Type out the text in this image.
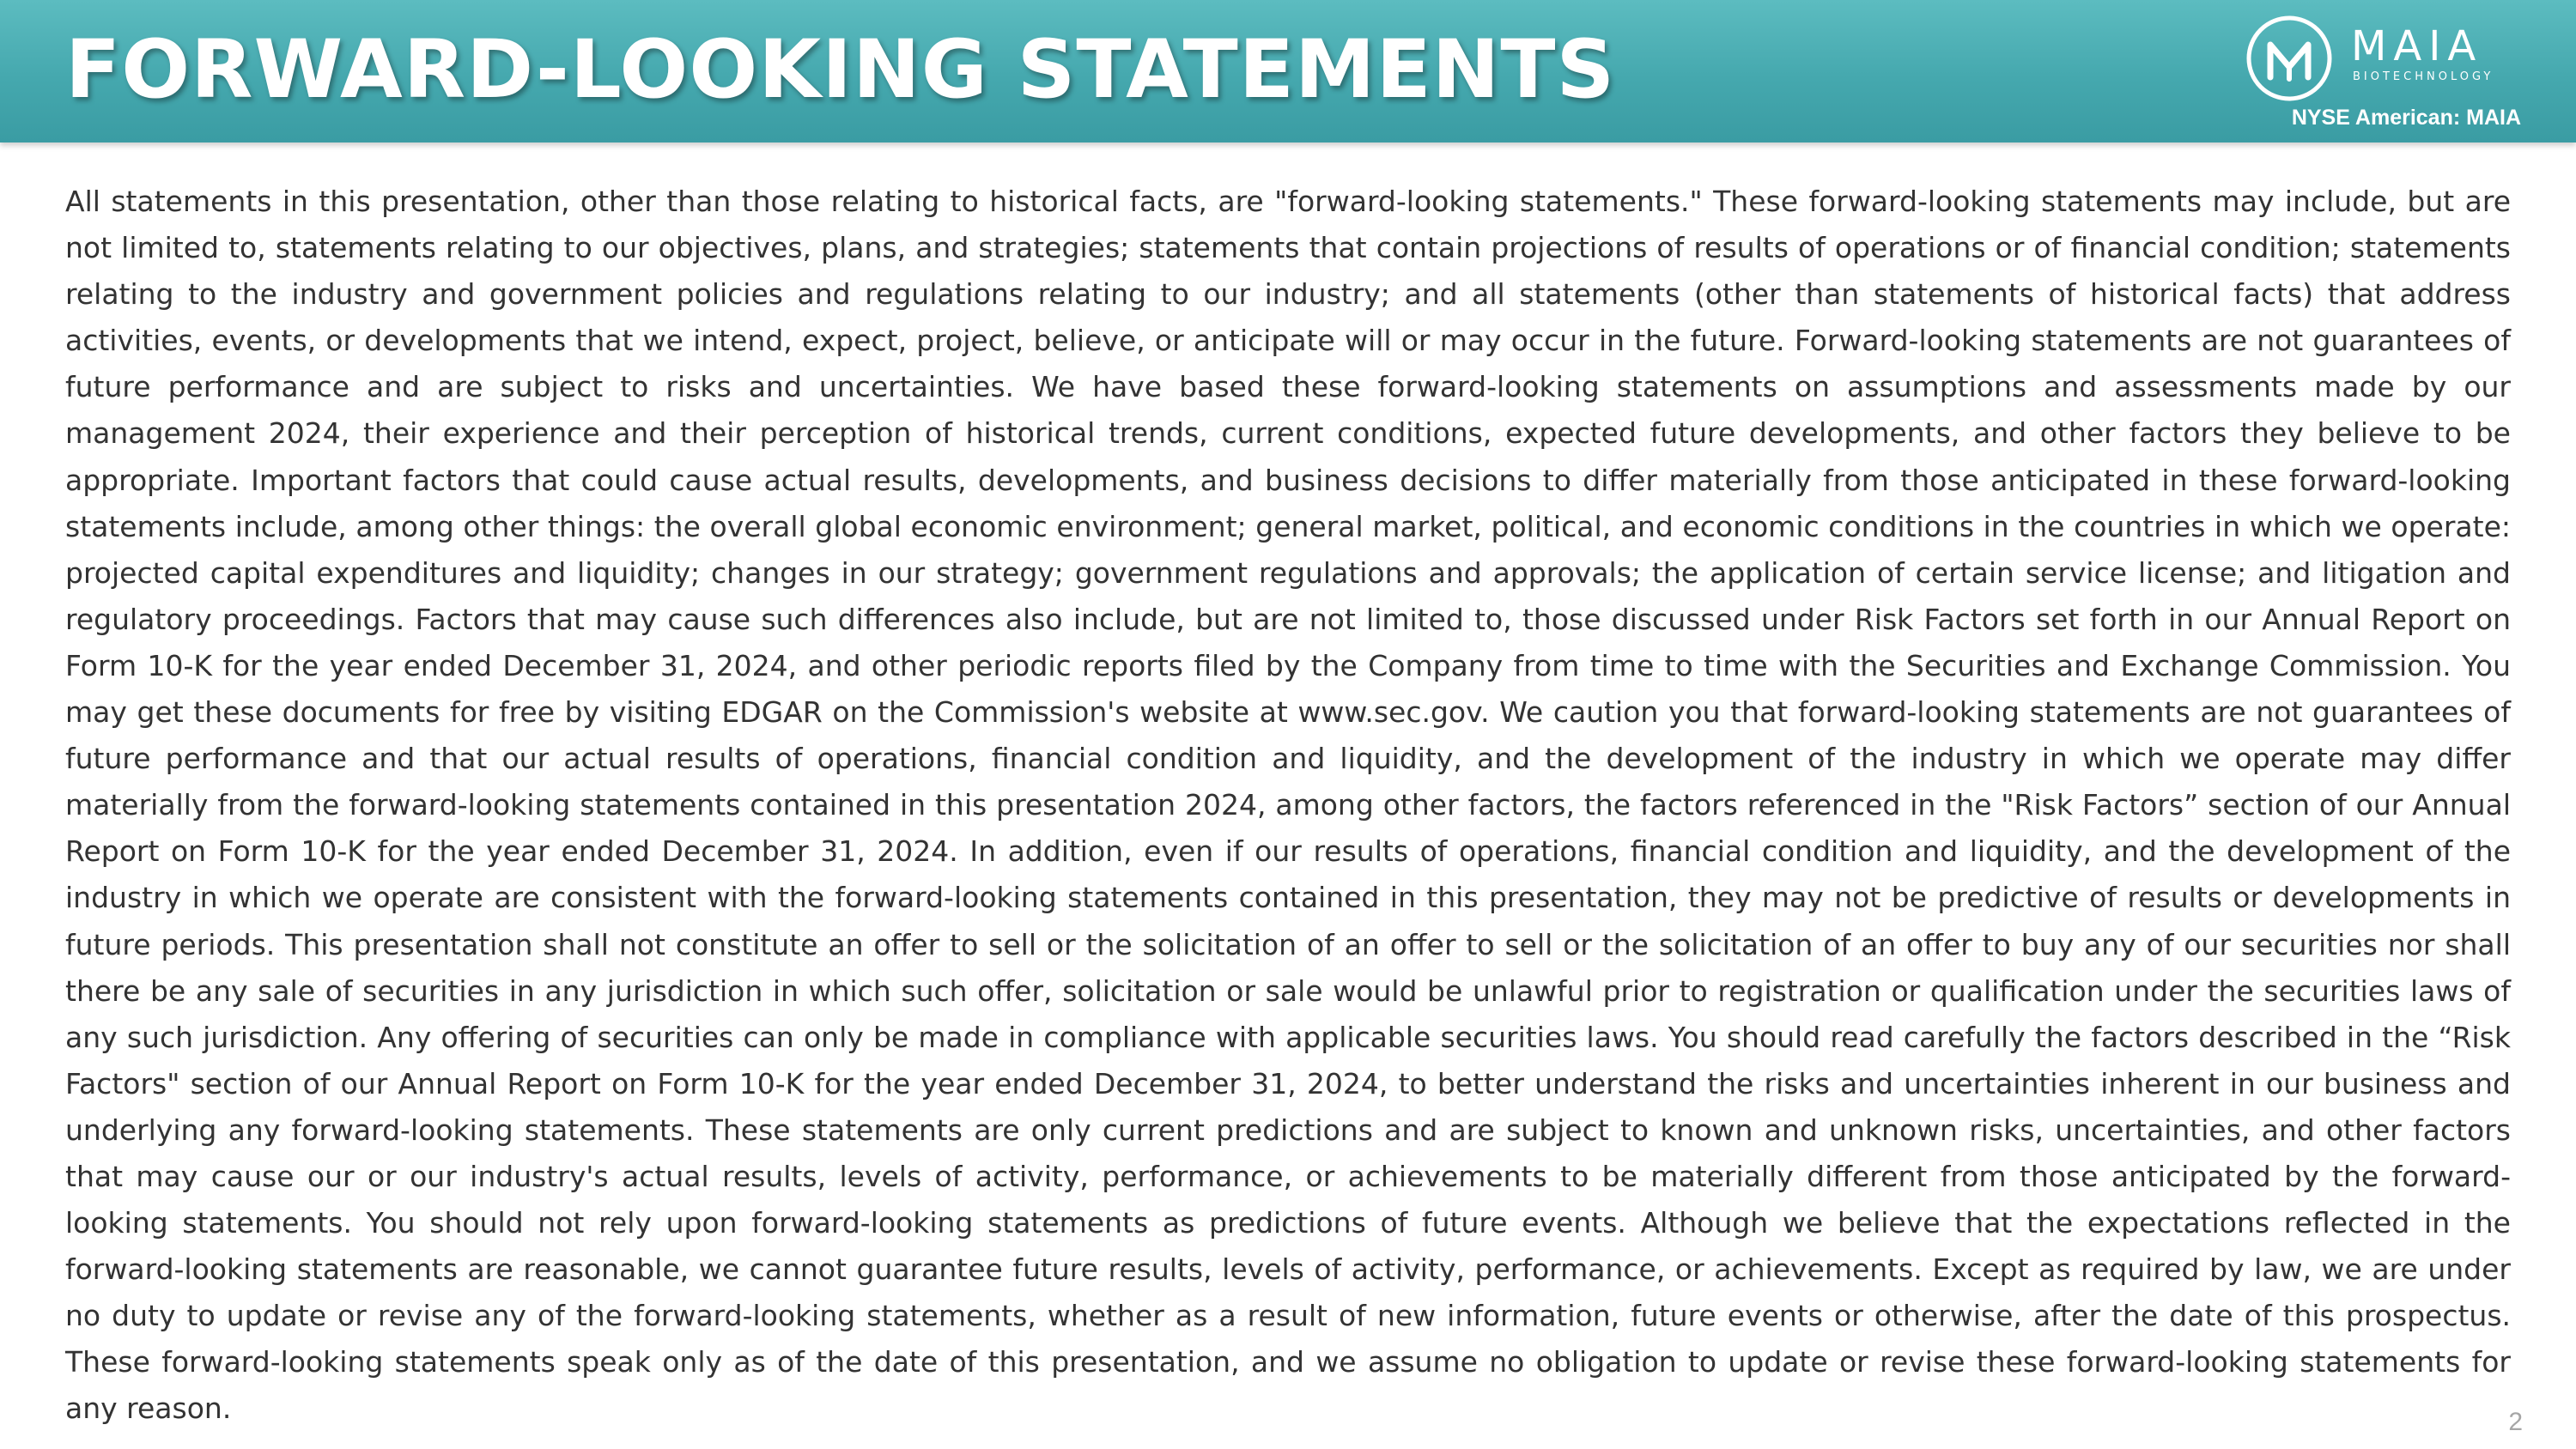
FORWARD-LOOKING STATEMENTS	MAIA
BIOTECHNOLOGY
NYSE American: MAIA

All statements in this presentation, other than those relating to historical facts, are "forward-looking statements." These forward-looking statements may include, but are not limited to, statements relating to our objectives, plans, and strategies; statements that contain projections of results of operations or of financial condition; statements relating to the industry and government policies and regulations relating to our industry; and all statements (other than statements of historical facts) that address activities, events, or developments that we intend, expect, project, believe, or anticipate will or may occur in the future. Forward-looking statements are not guarantees of future performance and are subject to risks and uncertainties. We have based these forward-looking statements on assumptions and assessments made by our management 2024, their experience and their perception of historical trends, current conditions, expected future developments, and other factors they believe to be appropriate. Important factors that could cause actual results, developments, and business decisions to differ materially from those anticipated in these forward-looking statements include, among other things: the overall global economic environment; general market, political, and economic conditions in the countries in which we operate: projected capital expenditures and liquidity; changes in our strategy; government regulations and approvals; the application of certain service license; and litigation and regulatory proceedings. Factors that may cause such differences also include, but are not limited to, those discussed under Risk Factors set forth in our Annual Report on Form 10-K for the year ended December 31, 2024, and other periodic reports filed by the Company from time to time with the Securities and Exchange Commission. You may get these documents for free by visiting EDGAR on the Commission's website at www.sec.gov. We caution you that forward-looking statements are not guarantees of future performance and that our actual results of operations, financial condition and liquidity, and the development of the industry in which we operate may differ materially from the forward-looking statements contained in this presentation 2024, among other factors, the factors referenced in the "Risk Factors” section of our Annual Report on Form 10-K for the year ended December 31, 2024. In addition, even if our results of operations, financial condition and liquidity, and the development of the industry in which we operate are consistent with the forward-looking statements contained in this presentation, they may not be predictive of results or developments in future periods. This presentation shall not constitute an offer to sell or the solicitation of an offer to sell or the solicitation of an offer to buy any of our securities nor shall there be any sale of securities in any jurisdiction in which such offer, solicitation or sale would be unlawful prior to registration or qualification under the securities laws of any such jurisdiction. Any offering of securities can only be made in compliance with applicable securities laws. You should read carefully the factors described in the “Risk Factors" section of our Annual Report on Form 10-K for the year ended December 31, 2024, to better understand the risks and uncertainties inherent in our business and underlying any forward-looking statements. These statements are only current predictions and are subject to known and unknown risks, uncertainties, and other factors that may cause our or our industry's actual results, levels of activity, performance, or achievements to be materially different from those anticipated by the forward-looking statements. You should not rely upon forward-looking statements as predictions of future events. Although we believe that the expectations reflected in the forward-looking statements are reasonable, we cannot guarantee future results, levels of activity, performance, or achievements. Except as required by law, we are under no duty to update or revise any of the forward-looking statements, whether as a result of new information, future events or otherwise, after the date of this prospectus. These forward-looking statements speak only as of the date of this presentation, and we assume no obligation to update or revise these forward-looking statements for any reason.	2
